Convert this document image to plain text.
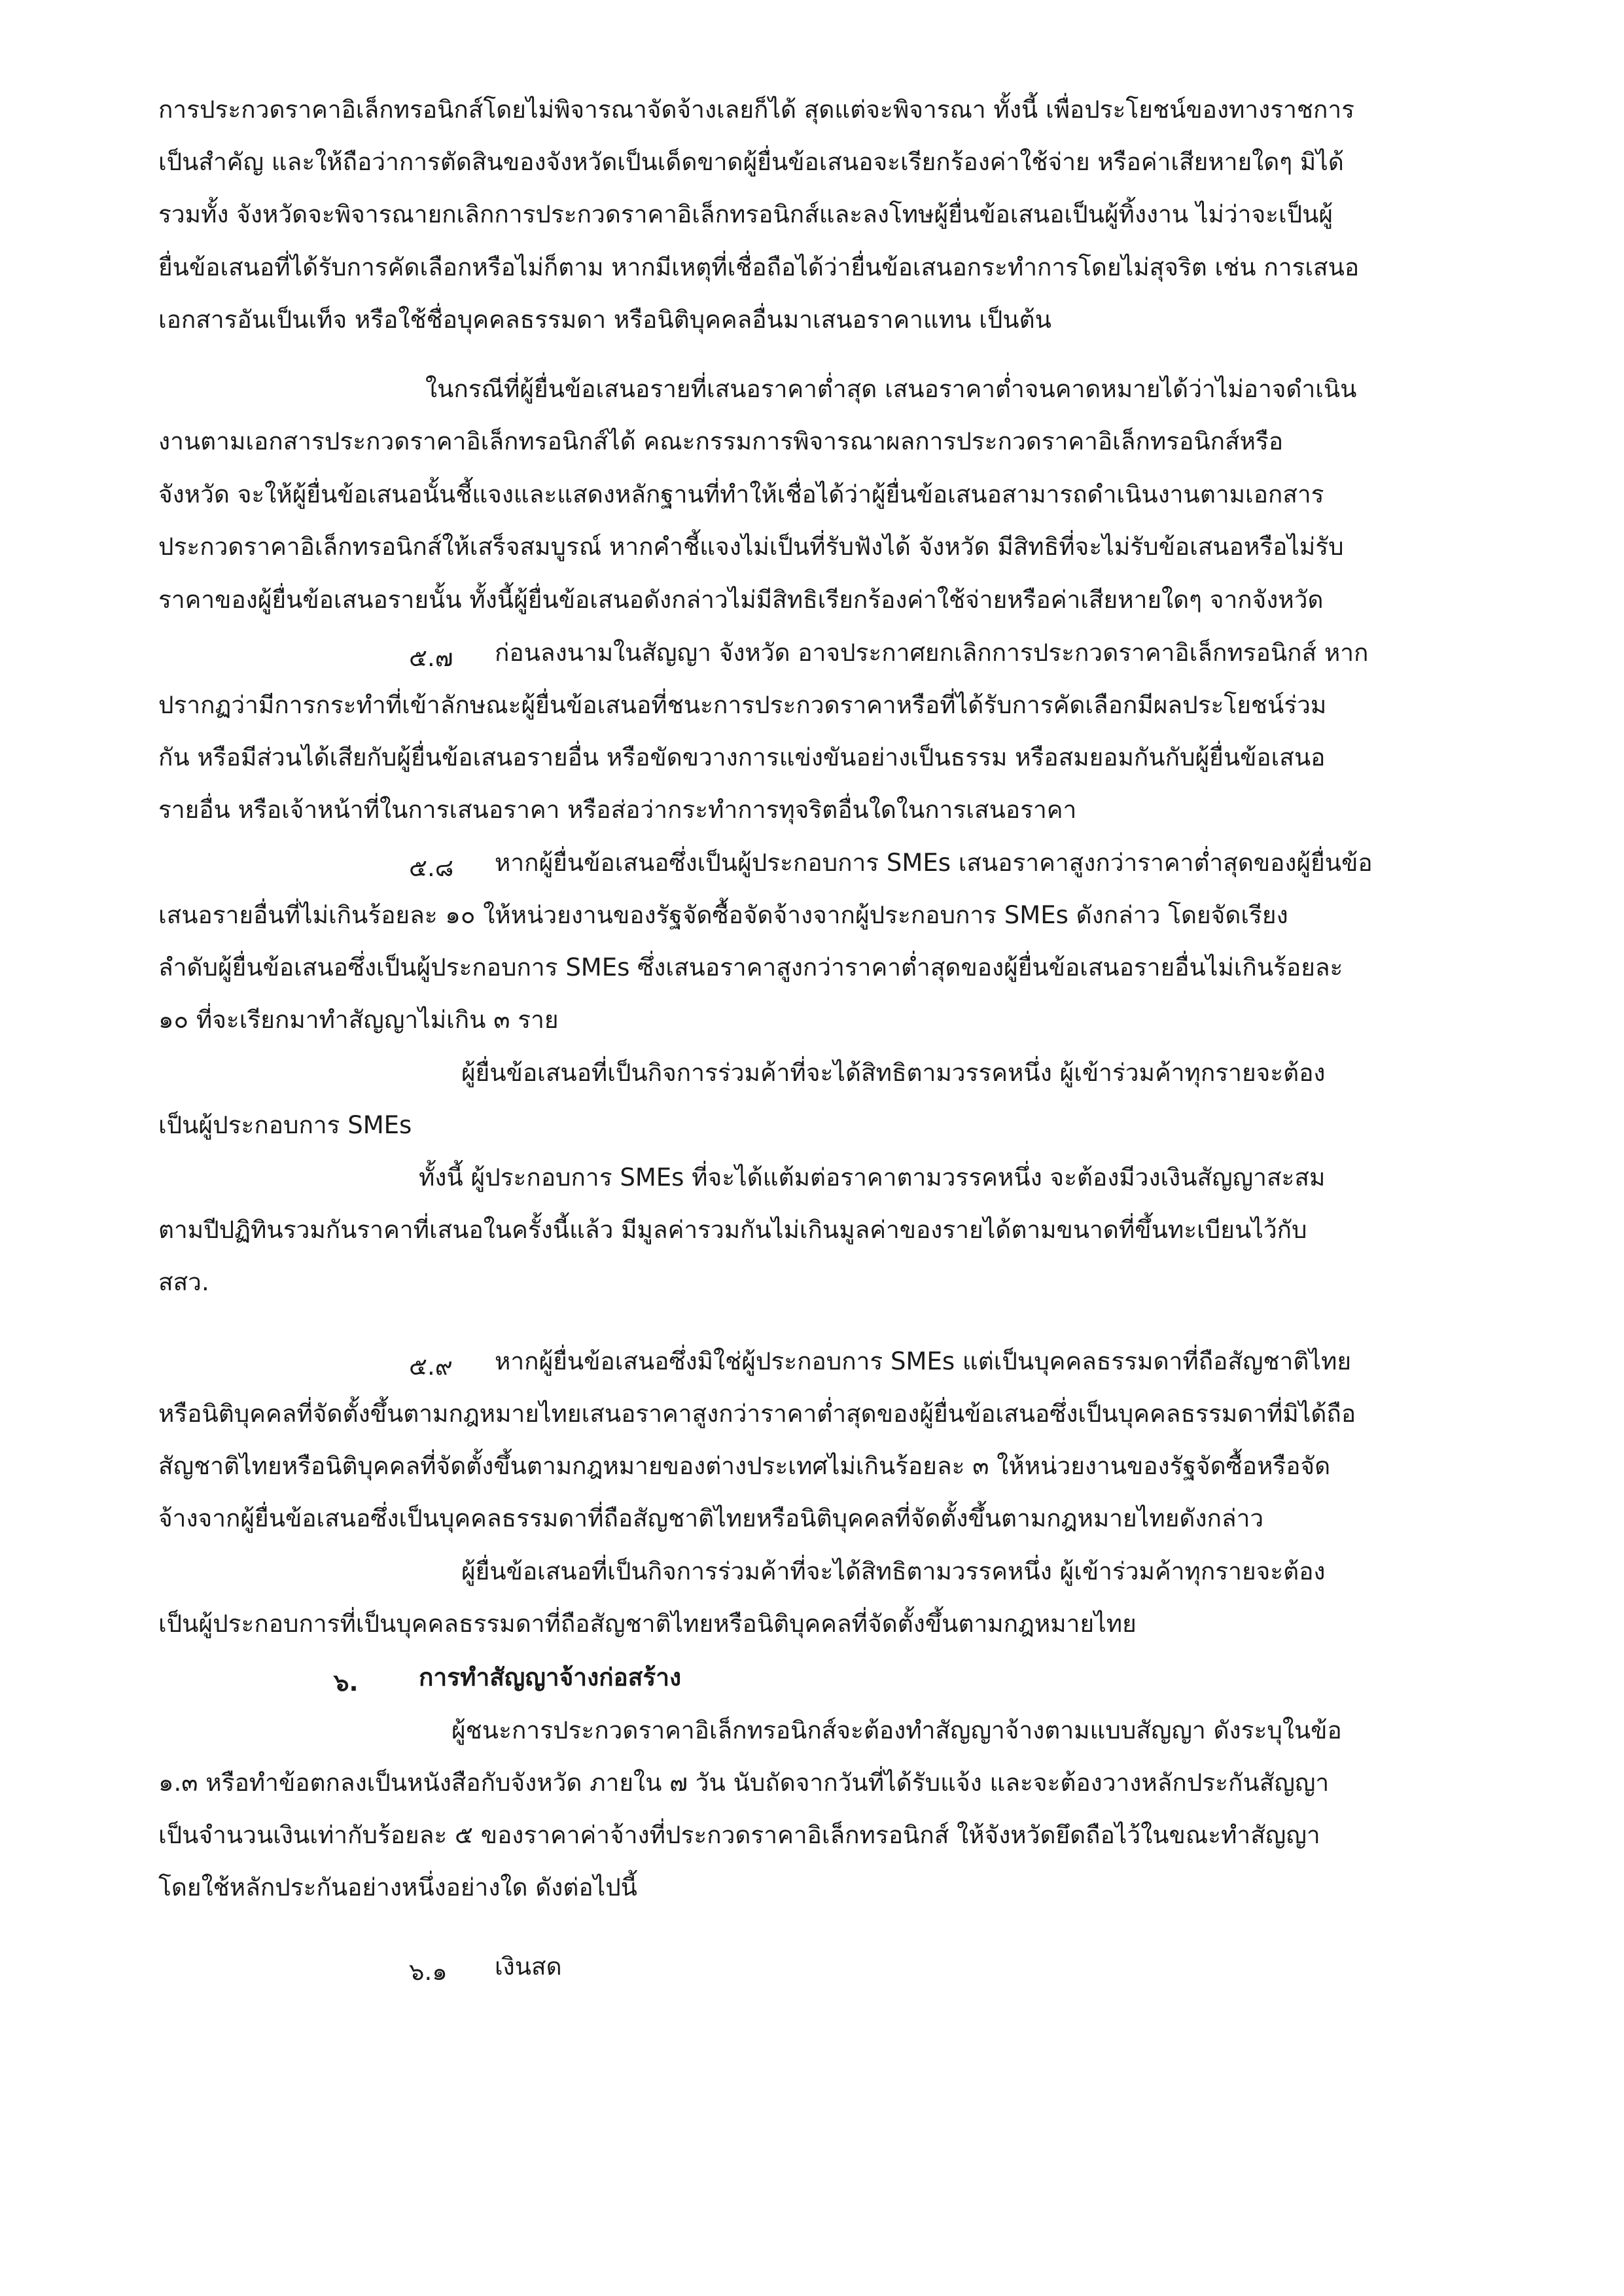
การประกวดราคาอิเล็กทรอนิกส์โดยไม่พิจารณาจัดจ้างเลยก็ได้ สุดแต่จะพิจารณา ทั้งนี้ เพื่อประโยชน์ของทางราชการ
เป็นสำคัญ และให้ถือว่าการตัดสินของจังหวัดเป็นเด็ดขาดผู้ยื่นข้อเสนอจะเรียกร้องค่าใช้จ่าย หรือค่าเสียหายใดๆ มิได้
รวมทั้ง จังหวัดจะพิจารณายกเลิกการประกวดราคาอิเล็กทรอนิกส์และลงโทษผู้ยื่นข้อเสนอเป็นผู้ทิ้งงาน ไม่ว่าจะเป็นผู้
ยื่นข้อเสนอที่ได้รับการคัดเลือกหรือไม่ก็ตาม หากมีเหตุที่เชื่อถือได้ว่ายื่นข้อเสนอกระทำการโดยไม่สุจริต เช่น การเสนอ
เอกสารอันเป็นเท็จ หรือใช้ชื่อบุคคลธรรมดา หรือนิติบุคคลอื่นมาเสนอราคาแทน เป็นต้น
ในกรณีที่ผู้ยื่นข้อเสนอรายที่เสนอราคาต่ำสุด เสนอราคาต่ำจนคาดหมายได้ว่าไม่อาจดำเนิน
งานตามเอกสารประกวดราคาอิเล็กทรอนิกส์ได้ คณะกรรมการพิจารณาผลการประกวดราคาอิเล็กทรอนิกส์หรือ
จังหวัด จะให้ผู้ยื่นข้อเสนอนั้นชี้แจงและแสดงหลักฐานที่ทำให้เชื่อได้ว่าผู้ยื่นข้อเสนอสามารถดำเนินงานตามเอกสาร
ประกวดราคาอิเล็กทรอนิกส์ให้เสร็จสมบูรณ์ หากคำชี้แจงไม่เป็นที่รับฟังได้ จังหวัด มีสิทธิที่จะไม่รับข้อเสนอหรือไม่รับ
ราคาของผู้ยื่นข้อเสนอรายนั้น ทั้งนี้ผู้ยื่นข้อเสนอดังกล่าวไม่มีสิทธิเรียกร้องค่าใช้จ่ายหรือค่าเสียหายใดๆ จากจังหวัด
๕.๗ ก่อนลงนามในสัญญา จังหวัด อาจประกาศยกเลิกการประกวดราคาอิเล็กทรอนิกส์ หาก
ปรากฏว่ามีการกระทำที่เข้าลักษณะผู้ยื่นข้อเสนอที่ชนะการประกวดราคาหรือที่ได้รับการคัดเลือกมีผลประโยชน์ร่วม
กัน หรือมีส่วนได้เสียกับผู้ยื่นข้อเสนอรายอื่น หรือขัดขวางการแข่งขันอย่างเป็นธรรม หรือสมยอมกันกับผู้ยื่นข้อเสนอ
รายอื่น หรือเจ้าหน้าที่ในการเสนอราคา หรือส่อว่ากระทำการทุจริตอื่นใดในการเสนอราคา
๕.๘ หากผู้ยื่นข้อเสนอซึ่งเป็นผู้ประกอบการ SMEs เสนอราคาสูงกว่าราคาต่ำสุดของผู้ยื่นข้อ
เสนอรายอื่นที่ไม่เกินร้อยละ ๑๐ ให้หน่วยงานของรัฐจัดซื้อจัดจ้างจากผู้ประกอบการ SMEs ดังกล่าว โดยจัดเรียง
ลำดับผู้ยื่นข้อเสนอซึ่งเป็นผู้ประกอบการ SMEs ซึ่งเสนอราคาสูงกว่าราคาต่ำสุดของผู้ยื่นข้อเสนอรายอื่นไม่เกินร้อยละ
๑๐ ที่จะเรียกมาทำสัญญาไม่เกิน ๓ ราย
ผู้ยื่นข้อเสนอที่เป็นกิจการร่วมค้าที่จะได้สิทธิตามวรรคหนึ่ง ผู้เข้าร่วมค้าทุกรายจะต้อง
เป็นผู้ประกอบการ SMEs
ทั้งนี้ ผู้ประกอบการ SMEs ที่จะได้แต้มต่อราคาตามวรรคหนึ่ง จะต้องมีวงเงินสัญญาสะสม
ตามปีปฏิทินรวมกันราคาที่เสนอในครั้งนี้แล้ว มีมูลค่ารวมกันไม่เกินมูลค่าของรายได้ตามขนาดที่ขึ้นทะเบียนไว้กับ
สสว.
๕.๙ หากผู้ยื่นข้อเสนอซึ่งมิใช่ผู้ประกอบการ SMEs แต่เป็นบุคคลธรรมดาที่ถือสัญชาติไทย
หรือนิติบุคคลที่จัดตั้งขึ้นตามกฎหมายไทยเสนอราคาสูงกว่าราคาต่ำสุดของผู้ยื่นข้อเสนอซึ่งเป็นบุคคลธรรมดาที่มิได้ถือ
สัญชาติไทยหรือนิติบุคคลที่จัดตั้งขึ้นตามกฎหมายของต่างประเทศไม่เกินร้อยละ ๓ ให้หน่วยงานของรัฐจัดซื้อหรือจัด
จ้างจากผู้ยื่นข้อเสนอซึ่งเป็นบุคคลธรรมดาที่ถือสัญชาติไทยหรือนิติบุคคลที่จัดตั้งขึ้นตามกฎหมายไทยดังกล่าว
ผู้ยื่นข้อเสนอที่เป็นกิจการร่วมค้าที่จะได้สิทธิตามวรรคหนึ่ง ผู้เข้าร่วมค้าทุกรายจะต้อง
เป็นผู้ประกอบการที่เป็นบุคคลธรรมดาที่ถือสัญชาติไทยหรือนิติบุคคลที่จัดตั้งขึ้นตามกฎหมายไทย
๖. การทำสัญญาจ้างก่อสร้าง
ผู้ชนะการประกวดราคาอิเล็กทรอนิกส์จะต้องทำสัญญาจ้างตามแบบสัญญา ดังระบุในข้อ
๑.๓ หรือทำข้อตกลงเป็นหนังสือกับจังหวัด ภายใน ๗ วัน นับถัดจากวันที่ได้รับแจ้ง และจะต้องวางหลักประกันสัญญา
เป็นจำนวนเงินเท่ากับร้อยละ ๕ ของราคาค่าจ้างที่ประกวดราคาอิเล็กทรอนิกส์ ให้จังหวัดยึดถือไว้ในขณะทำสัญญา
โดยใช้หลักประกันอย่างหนึ่งอย่างใด ดังต่อไปนี้
๖.๑ เงินสด
